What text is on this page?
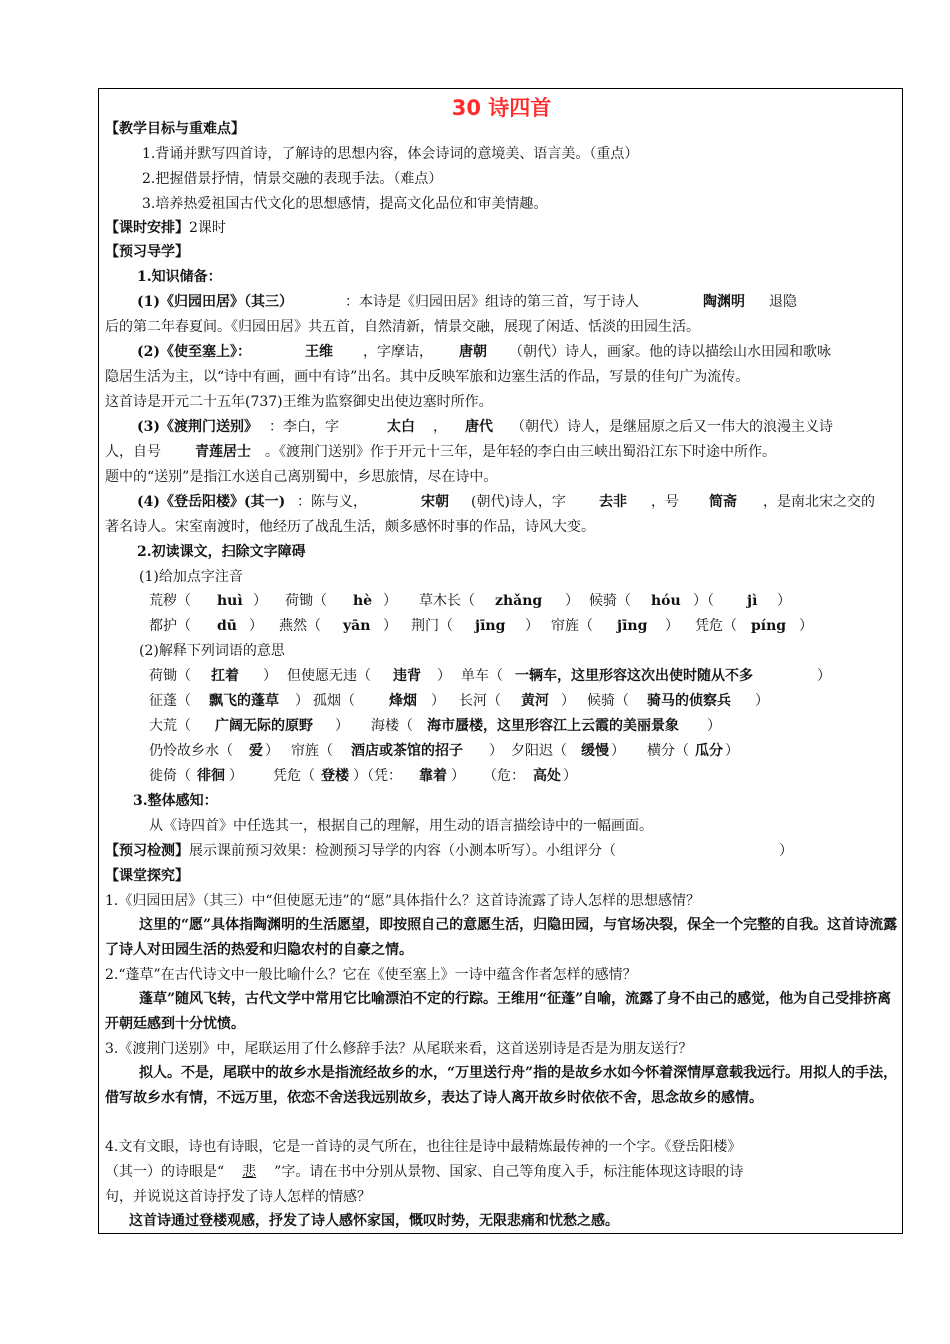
30 诗四首
【教学目标与重难点】
1.背诵并默写四首诗，了解诗的思想内容，体会诗词的意境美、语言美。（重点）
2.把握借景抒情，情景交融的表现手法。（难点）
3.培养热爱祖国古代文化的思想感情，提高文化品位和审美情趣。
【课时安排】2课时
【预习导学】
1.知识储备：
(1)《归园田居》（其三）	：本诗是《归园田居》组诗的第三首，写于诗人	陶渊明 退隐
后的第二年春夏间。《归园田居》共五首，自然清新，情景交融，展现了闲适、恬淡的田园生活。
(2)《使至塞上》：	王维 ，字摩诘， 唐朝 （朝代）诗人，画家。他的诗以描绘山水田园和歌咏
隐居生活为主，以“诗中有画，画中有诗”出名。其中反映军旅和边塞生活的作品，写景的佳句广为流传。
这首诗是开元二十五年(737)王维为监察御史出使边塞时所作。
(3)《渡荆门送别》 ：李白，字	太白 ， 唐代 （朝代）诗人，是继屈原之后又一伟大的浪漫主义诗
人，自号 青莲居士 。《渡荆门送别》作于开元十三年，是年轻的李白由三峡出蜀沿江东下时途中所作。
题中的“送别”是指江水送自己离别蜀中，乡思旅情，尽在诗中。
(4)《登岳阳楼》(其一) ：陈与义，	宋朝 (朝代)诗人，字 去非 ，号 简斋 ，是南北宋之交的
著名诗人。宋室南渡时，他经历了战乱生活，颇多感怀时事的作品，诗风大变。
2.初读课文，扫除文字障碍
(1)给加点字注音
荒秽（ huì ） 荷锄（ hè ） 草木长（ zhǎng ） 候骑（ hóu ）（ jì ）
都护（ dū ） 燕然（ yān ） 荆门（ jīng ） 帘旌（ jīng ） 凭危（ píng ）
(2)解释下列词语的意思
荷锄（ 扛着 ） 但使愿无违（ 违背 ） 单车（ 一辆车，这里形容这次出使时随从不多	）
征蓬（ 飘飞的蓬草 ） 孤烟（ 烽烟 ） 长河（ 黄河 ） 候骑（ 骑马的侦察兵 ）
大荒（ 广阔无际的原野 ） 海楼（ 海市蜃楼，这里形容江上云霞的美丽景象 ）
仍怜故乡水（ 爱 ） 帘旌（ 酒店或茶馆的招子 ） 夕阳迟（ 缓慢 ） 横分（ 瓜分 ）
徙倚（ 徘徊 ） 凭危（ 登楼 ）（凭： 靠着 ） （危： 高处 ）
3.整体感知：
从《诗四首》中任选其一，根据自己的理解，用生动的语言描绘诗中的一幅画面。
【预习检测】展示课前预习效果：检测预习导学的内容（小测本听写）。小组评分（	）
【课堂探究】
1.《归园田居》（其三）中“但使愿无违”的“愿”具体指什么？这首诗流露了诗人怎样的思想感情？
这里的“愿”具体指陶渊明的生活愿望，即按照自己的意愿生活，归隐田园，与官场决裂，保全一个完整的自我。这首诗流露了诗人对田园生活的热爱和归隐农村的自豪之情。
2.“蓬草”在古代诗文中一般比喻什么？它在《使至塞上》一诗中蕴含作者怎样的感情？
蓬草”随风飞转，古代文学中常用它比喻漂泊不定的行踪。王维用“征蓬”自喻，流露了身不由己的感觉，他为自己受排挤离开朝廷感到十分忧愤。
3.《渡荆门送别》中，尾联运用了什么修辞手法？从尾联来看，这首送别诗是否是为朋友送行？
拟人。不是，尾联中的故乡水是指流经故乡的水，“万里送行舟”指的是故乡水如今怀着深情厚意载我远行。用拟人的手法，借写故乡水有情，不远万里，依恋不舍送我远别故乡，表达了诗人离开故乡时依依不舍，思念故乡的感情。
4.文有文眼，诗也有诗眼，它是一首诗的灵气所在，也往往是诗中最精炼最传神的一个字。《登岳阳楼》
（其一）的诗眼是“ 悲 ”字。请在书中分别从景物、国家、自己等角度入手，标注能体现这诗眼的诗
句，并说说这首诗抒发了诗人怎样的情感？
这首诗通过登楼观感，抒发了诗人感怀家国，慨叹时势，无限悲痛和忧愁之感。
